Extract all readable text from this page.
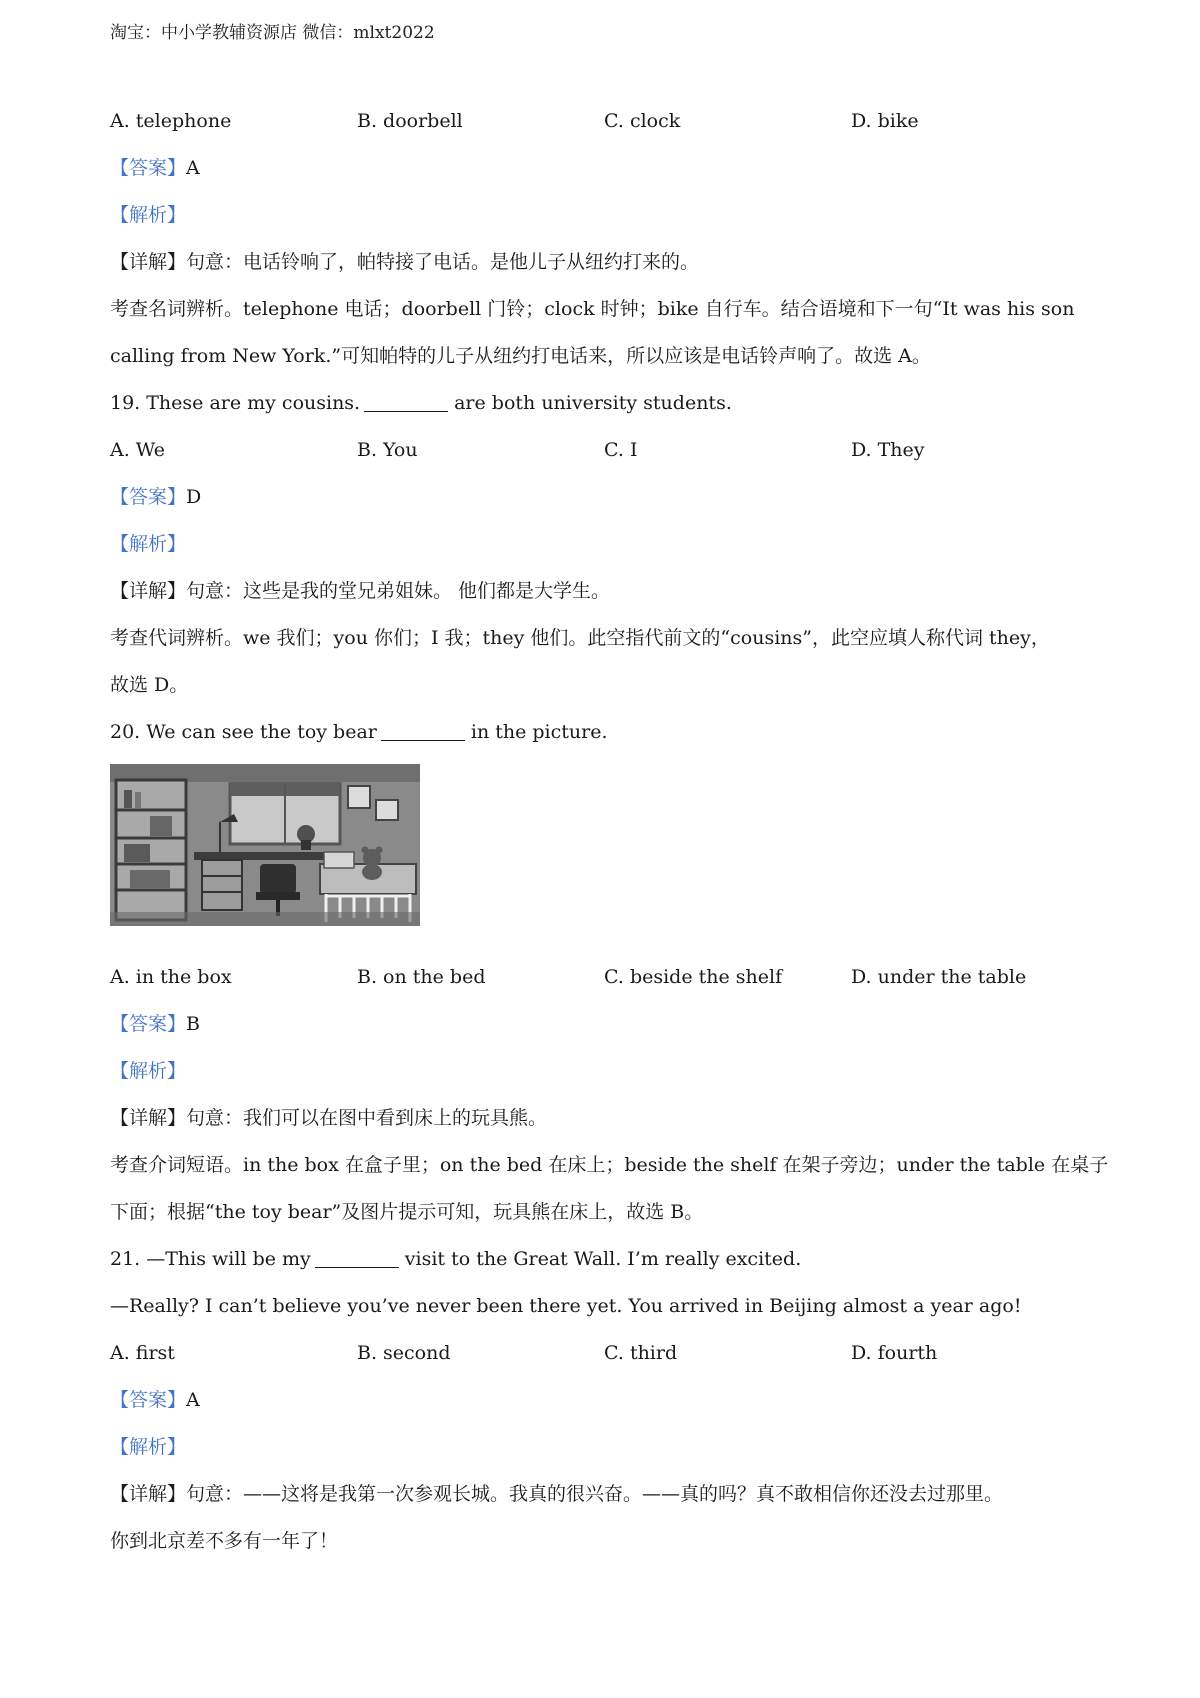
淘宝：中小学教辅资源店 微信：mlxt2022
A. telephone	B. doorbell	C. clock	D. bike
【答案】A
【解析】
【详解】句意：电话铃响了，帕特接了电话。是他儿子从纽约打来的。
考查名词辨析。telephone 电话；doorbell 门铃；clock 时钟；bike 自行车。结合语境和下一句“It was his son
calling from New York.”可知帕特的儿子从纽约打电话来，所以应该是电话铃声响了。故选 A。
19. These are my cousins.	are both university students.
A. We	B. You	C. I	D. They
【答案】D
【解析】
【详解】句意：这些是我的堂兄弟姐妹。 他们都是大学生。
考查代词辨析。we 我们；you 你们；I 我；they 他们。此空指代前文的“cousins”，此空应填人称代词 they，
故选 D。
20. We can see the toy bear	in the picture.
A. in the box	B. on the bed	C. beside the shelf	D. under the table
【答案】B
【解析】
【详解】句意：我们可以在图中看到床上的玩具熊。
考查介词短语。in the box 在盒子里；on the bed 在床上；beside the shelf 在架子旁边；under the table 在桌子
下面；根据“the toy bear”及图片提示可知，玩具熊在床上，故选 B。
21. —This will be my	visit to the Great Wall. I’m really excited.
—Really? I can’t believe you’ve never been there yet. You arrived in Beijing almost a year ago!
A. first	B. second	C. third	D. fourth
【答案】A
【解析】
【详解】句意：——这将是我第一次参观长城。我真的很兴奋。——真的吗？真不敢相信你还没去过那里。
你到北京差不多有一年了！
